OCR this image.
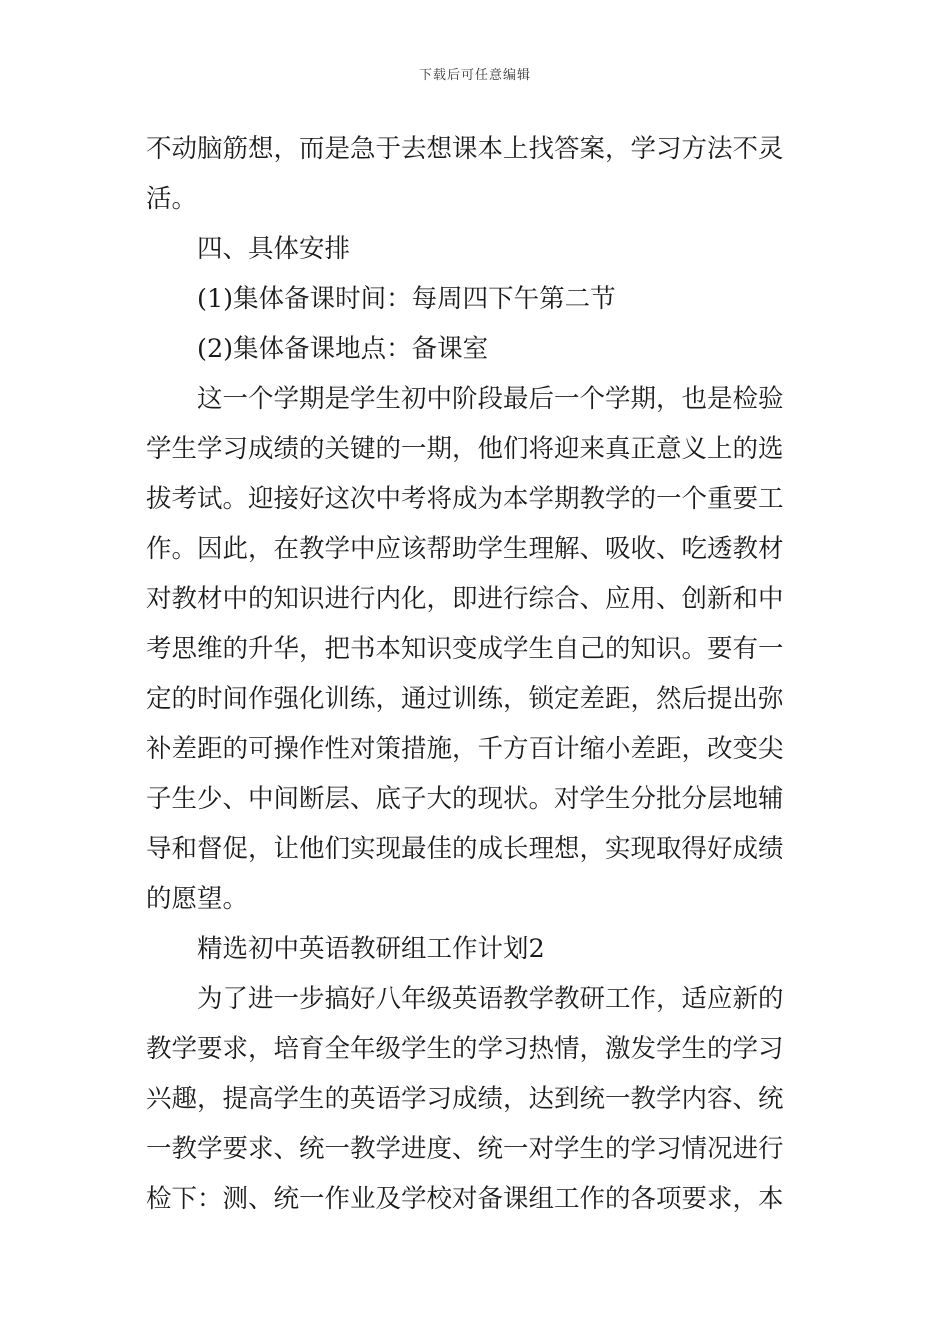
下载后可任意编辑

不动脑筋想，而是急于去想课本上找答案，学习方法不灵
活。

四、具体安排

(1)集体备课时间：每周四下午第二节

(2)集体备课地点：备课室

这一个学期是学生初中阶段最后一个学期，也是检验
学生学习成绩的关键的一期，他们将迎来真正意义上的选
拔考试。迎接好这次中考将成为本学期教学的一个重要工
作。因此，在教学中应该帮助学生理解、吸收、吃透教材
对教材中的知识进行内化，即进行综合、应用、创新和中
考思维的升华，把书本知识变成学生自己的知识。要有一
定的时间作强化训练，通过训练，锁定差距，然后提出弥
补差距的可操作性对策措施，千方百计缩小差距，改变尖
子生少、中间断层、底子大的现状。对学生分批分层地辅
导和督促，让他们实现最佳的成长理想，实现取得好成绩
的愿望。

精选初中英语教研组工作计划2

为了进一步搞好八年级英语教学教研工作，适应新的
教学要求，培育全年级学生的学习热情，激发学生的学习
兴趣，提高学生的英语学习成绩，达到统一教学内容、统
一教学要求、统一教学进度、统一对学生的学习情况进行
检下：测、统一作业及学校对备课组工作的各项要求，本
